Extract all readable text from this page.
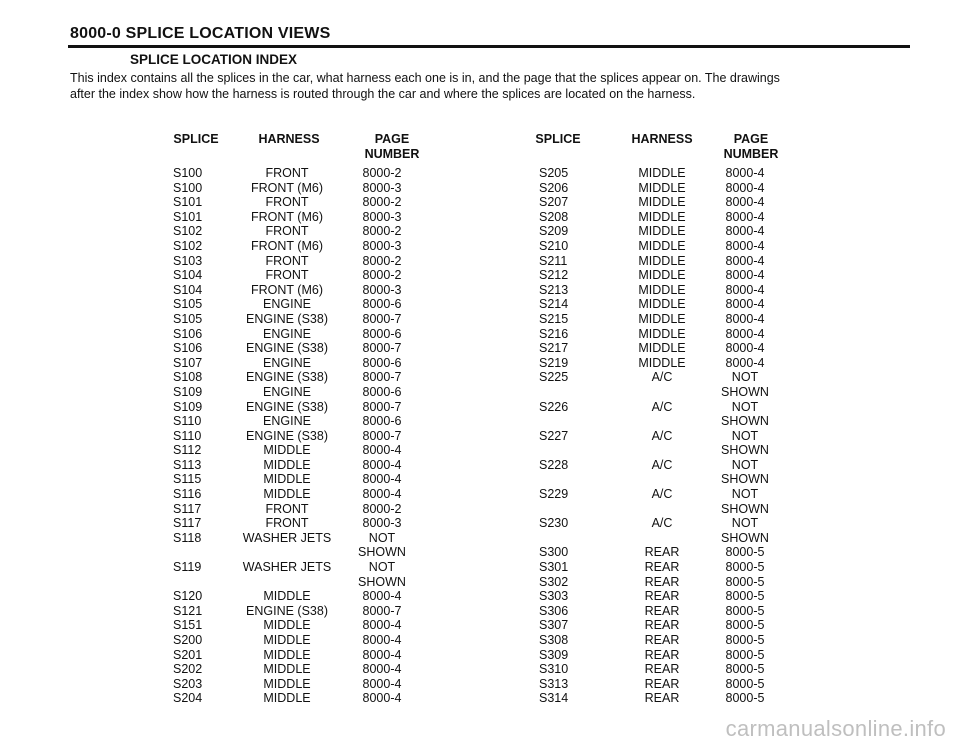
8000-0 SPLICE LOCATION VIEWS
SPLICE LOCATION INDEX
This index contains all the splices in the car, what harness each one is in, and the page that the splices appear on. The drawings after the index show how the harness is routed through the car and where the splices are located on the harness.
SPLICE	HARNESS	PAGE
NUMBER
S100	FRONT	8000-2
S100	FRONT (M6)	8000-3
S101	FRONT	8000-2
S101	FRONT (M6)	8000-3
S102	FRONT	8000-2
S102	FRONT (M6)	8000-3
S103	FRONT	8000-2
S104	FRONT	8000-2
S104	FRONT (M6)	8000-3
S105	ENGINE	8000-6
S105	ENGINE (S38)	8000-7
S106	ENGINE	8000-6
S106	ENGINE (S38)	8000-7
S107	ENGINE	8000-6
S108	ENGINE (S38)	8000-7
S109	ENGINE	8000-6
S109	ENGINE (S38)	8000-7
S110	ENGINE	8000-6
S110	ENGINE (S38)	8000-7
S112	MIDDLE	8000-4
S113	MIDDLE	8000-4
S115	MIDDLE	8000-4
S116	MIDDLE	8000-4
S117	FRONT	8000-2
S117	FRONT	8000-3
S118	WASHER JETS	NOT
SHOWN
S119	WASHER JETS	NOT
SHOWN
S120	MIDDLE	8000-4
S121	ENGINE (S38)	8000-7
S151	MIDDLE	8000-4
S200	MIDDLE	8000-4
S201	MIDDLE	8000-4
S202	MIDDLE	8000-4
S203	MIDDLE	8000-4
S204	MIDDLE	8000-4
SPLICE	HARNESS	PAGE
NUMBER
S205	MIDDLE	8000-4
S206	MIDDLE	8000-4
S207	MIDDLE	8000-4
S208	MIDDLE	8000-4
S209	MIDDLE	8000-4
S210	MIDDLE	8000-4
S211	MIDDLE	8000-4
S212	MIDDLE	8000-4
S213	MIDDLE	8000-4
S214	MIDDLE	8000-4
S215	MIDDLE	8000-4
S216	MIDDLE	8000-4
S217	MIDDLE	8000-4
S219	MIDDLE	8000-4
S225	A/C	NOT
SHOWN
S226	A/C	NOT
SHOWN
S227	A/C	NOT
SHOWN
S228	A/C	NOT
SHOWN
S229	A/C	NOT
SHOWN
S230	A/C	NOT
SHOWN
S300	REAR	8000-5
S301	REAR	8000-5
S302	REAR	8000-5
S303	REAR	8000-5
S306	REAR	8000-5
S307	REAR	8000-5
S308	REAR	8000-5
S309	REAR	8000-5
S310	REAR	8000-5
S313	REAR	8000-5
S314	REAR	8000-5
carmanualsonline.info
